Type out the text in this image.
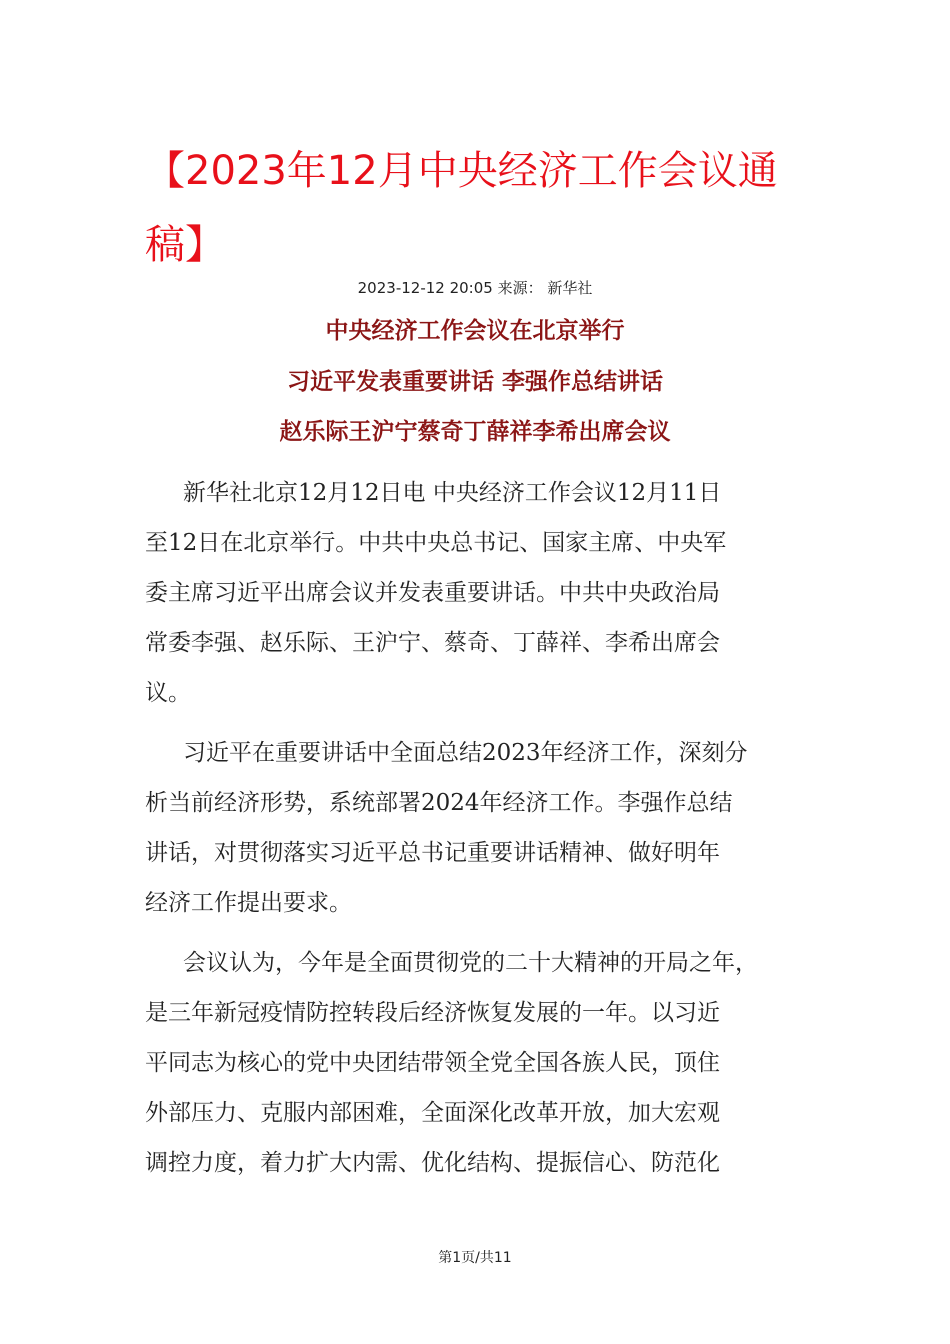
【2023年12月中央经济工作会议通
稿】
2023-12-12 20:05 来源： 新华社
中央经济工作会议在北京举行
习近平发表重要讲话 李强作总结讲话
赵乐际王沪宁蔡奇丁薛祥李希出席会议
新华社北京12月12日电 中央经济工作会议12月11日
至12日在北京举行。中共中央总书记、国家主席、中央军
委主席习近平出席会议并发表重要讲话。中共中央政治局
常委李强、赵乐际、王沪宁、蔡奇、丁薛祥、李希出席会
议。
习近平在重要讲话中全面总结2023年经济工作，深刻分
析当前经济形势，系统部署2024年经济工作。李强作总结
讲话，对贯彻落实习近平总书记重要讲话精神、做好明年
经济工作提出要求。
会议认为，今年是全面贯彻党的二十大精神的开局之年，
是三年新冠疫情防控转段后经济恢复发展的一年。以习近
平同志为核心的党中央团结带领全党全国各族人民，顶住
外部压力、克服内部困难，全面深化改革开放，加大宏观
调控力度，着力扩大内需、优化结构、提振信心、防范化
第1页/共11
